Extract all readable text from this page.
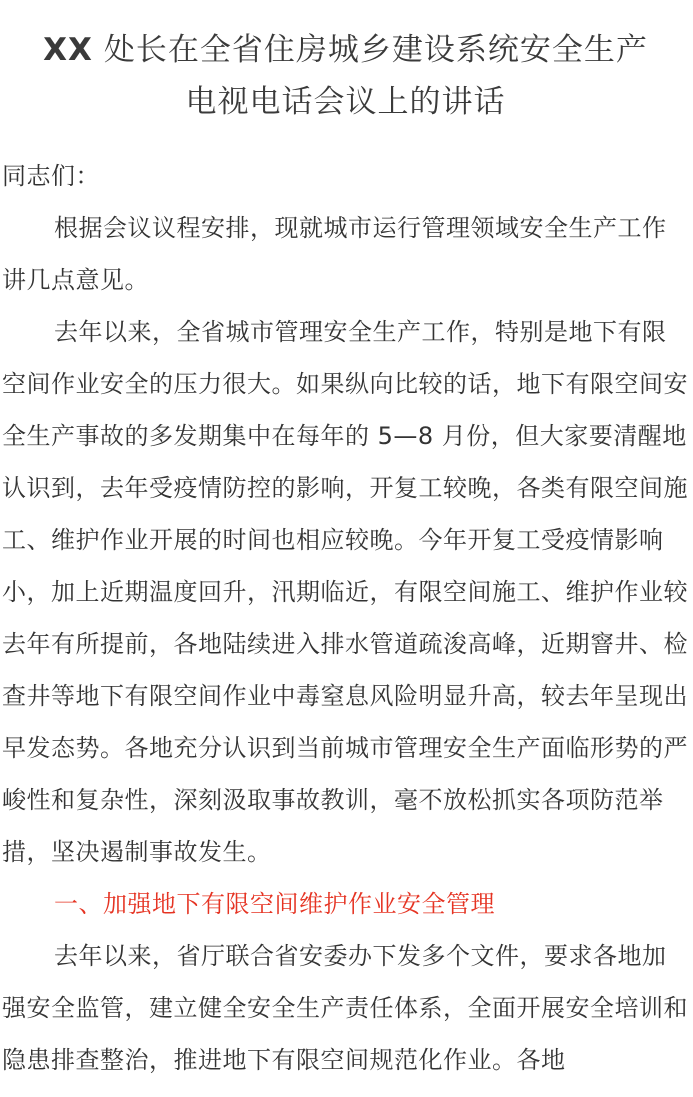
XX 处长在全省住房城乡建设系统安全生产
电视电话会议上的讲话

同志们：

根据会议议程安排，现就城市运行管理领域安全生产工作讲几点意见。

去年以来，全省城市管理安全生产工作，特别是地下有限空间作业安全的压力很大。如果纵向比较的话，地下有限空间安全生产事故的多发期集中在每年的 5—8 月份，但大家要清醒地认识到，去年受疫情防控的影响，开复工较晚，各类有限空间施工、维护作业开展的时间也相应较晚。今年开复工受疫情影响小，加上近期温度回升，汛期临近，有限空间施工、维护作业较去年有所提前，各地陆续进入排水管道疏浚高峰，近期窨井、检查井等地下有限空间作业中毒窒息风险明显升高，较去年呈现出早发态势。各地充分认识到当前城市管理安全生产面临形势的严峻性和复杂性，深刻汲取事故教训，毫不放松抓实各项防范举措，坚决遏制事故发生。

一、加强地下有限空间维护作业安全管理

去年以来，省厅联合省安委办下发多个文件，要求各地加强安全监管，建立健全安全生产责任体系，全面开展安全培训和隐患排查整治，推进地下有限空间规范化作业。各地
